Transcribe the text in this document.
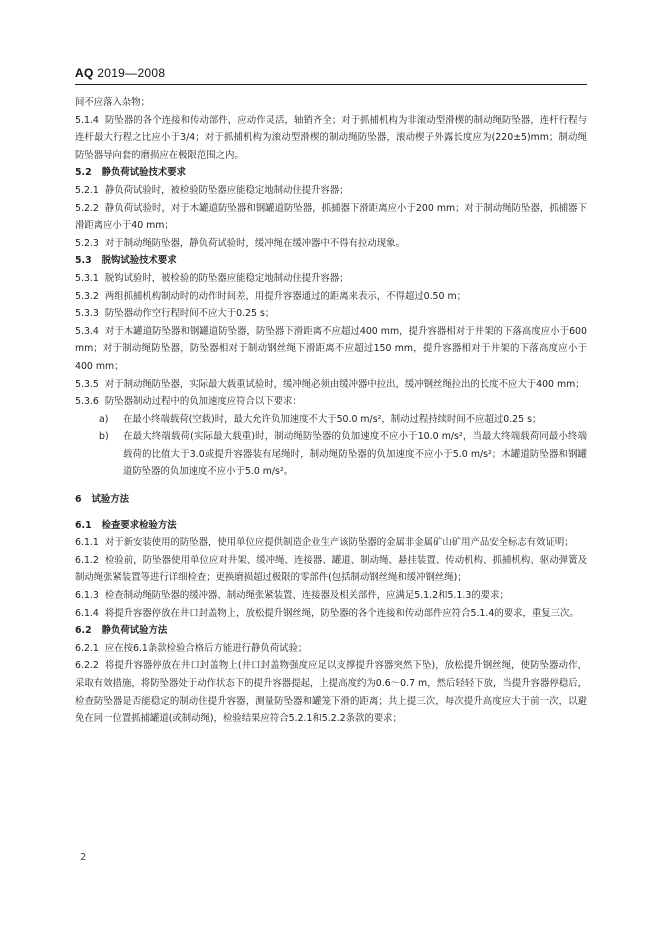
AQ 2019—2008

间不应落入杂物；

5.1.4 防坠器的各个连接和传动部件，应动作灵活，轴销齐全；对于抓捕机构为非滚动型滑楔的制动绳防坠器，连杆行程与连杆最大行程之比应小于3/4；对于抓捕机构为滚动型滑楔的制动绳防坠器，滚动楔子外露长度应为(220±5)mm；制动绳防坠器导向套的磨损应在极限范围之内。

5.2 静负荷试验技术要求

5.2.1 静负荷试验时，被检验防坠器应能稳定地制动住提升容器；

5.2.2 静负荷试验时，对于木罐道防坠器和钢罐道防坠器，抓捕器下滑距离应小于200 mm；对于制动绳防坠器，抓捕器下滑距离应小于40 mm；

5.2.3 对于制动绳防坠器，静负荷试验时，缓冲绳在缓冲器中不得有拉动现象。

5.3 脱钩试验技术要求

5.3.1 脱钩试验时，被检验的防坠器应能稳定地制动住提升容器；

5.3.2 两组抓捕机构制动时的动作时间差，用提升容器通过的距离来表示，不得超过0.50 m；

5.3.3 防坠器动作空行程时间不应大于0.25 s；

5.3.4 对于木罐道防坠器和钢罐道防坠器，防坠器下滑距离不应超过400 mm，提升容器相对于井架的下落高度应小于600 mm；对于制动绳防坠器，防坠器相对于制动钢丝绳下滑距离不应超过150 mm，提升容器相对于井架的下落高度应小于400 mm；

5.3.5 对于制动绳防坠器，实际最大载重试验时，缓冲绳必须由缓冲器中拉出，缓冲钢丝绳拉出的长度不应大于400 mm；

5.3.6 防坠器制动过程中的负加速度应符合以下要求：

a) 在最小终端载荷(空载)时，最大允许负加速度不大于50.0 m/s²，制动过程持续时间不应超过0.25 s；

b) 在最大终端载荷(实际最大载重)时，制动绳防坠器的负加速度不应小于10.0 m/s²，当最大终端载荷同最小终端载荷的比值大于3.0或提升容器装有尾绳时，制动绳防坠器的负加速度不应小于5.0 m/s²；木罐道防坠器和钢罐道防坠器的负加速度不应小于5.0 m/s²。

6 试验方法

6.1 检查要求检验方法

6.1.1 对于新安装使用的防坠器，使用单位应提供制造企业生产该防坠器的金属非金属矿山矿用产品安全标志有效证明；

6.1.2 检验前，防坠器使用单位应对井架、缓冲绳、连接器、罐道、制动绳、悬挂装置、传动机构、抓捕机构、驱动弹簧及制动绳张紧装置等进行详细检查；更换磨损超过极限的零部件(包括制动钢丝绳和缓冲钢丝绳)；

6.1.3 检查制动绳防坠器的缓冲器、制动绳张紧装置、连接器及相关部件，应满足5.1.2和5.1.3的要求；

6.1.4 将提升容器停放在井口封盖物上，放松提升钢丝绳，防坠器的各个连接和传动部件应符合5.1.4的要求，重复三次。

6.2 静负荷试验方法

6.2.1 应在按6.1条款检验合格后方能进行静负荷试验；

6.2.2 将提升容器停放在井口封盖物上(井口封盖物强度应足以支撑提升容器突然下坠)，放松提升钢丝绳，使防坠器动作，采取有效措施，将防坠器处于动作状态下的提升容器提起，上提高度约为0.6～0.7 m，然后轻轻下放，当提升容器停稳后，检查防坠器是否能稳定的制动住提升容器，测量防坠器和罐笼下滑的距离；共上提三次，每次提升高度应大于前一次，以避免在同一位置抓捕罐道(或制动绳)，检验结果应符合5.2.1和5.2.2条款的要求；

2
